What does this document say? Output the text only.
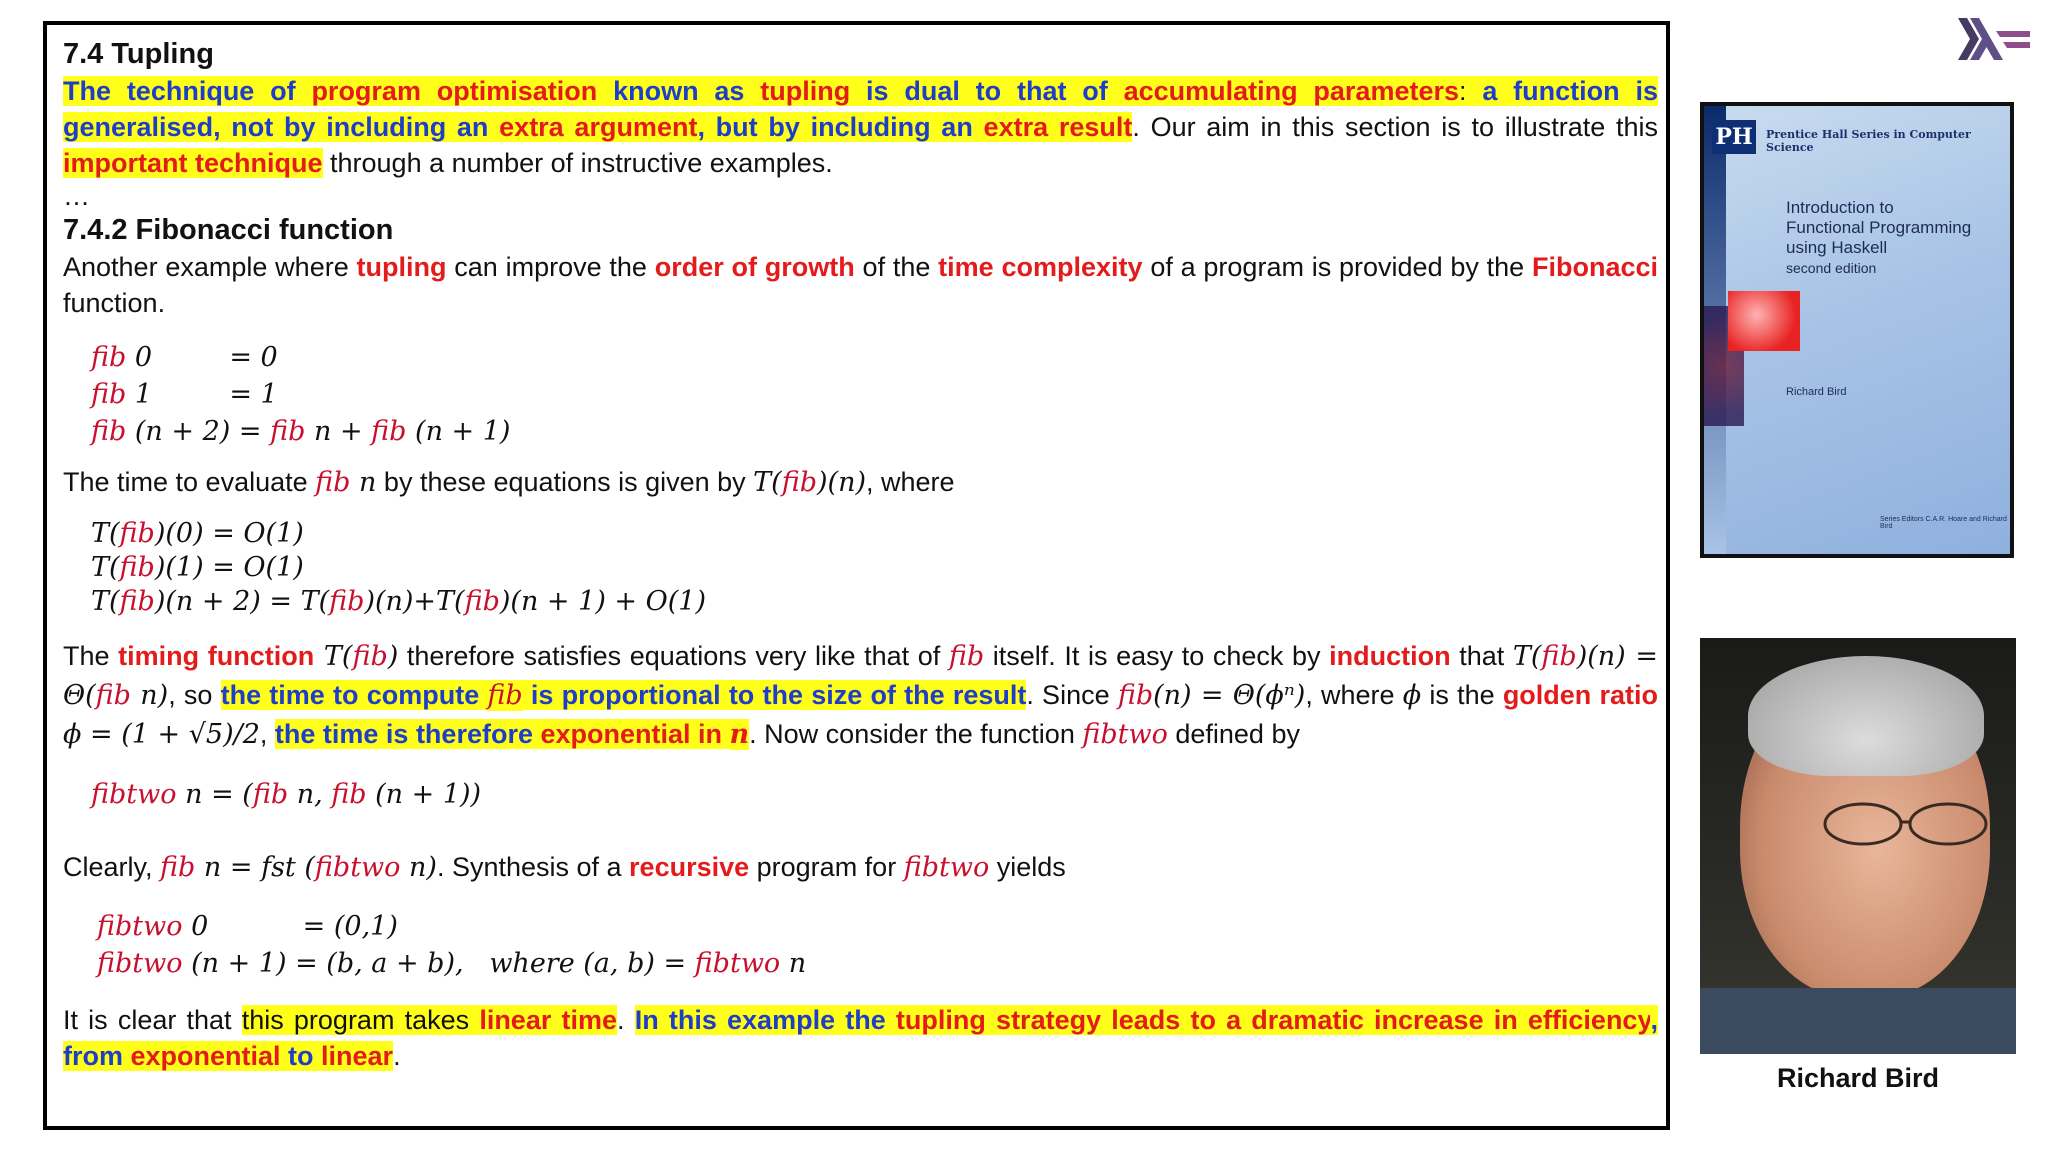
7.4 Tupling

The technique of program optimisation known as tupling is dual to that of accumulating parameters: a function is generalised, not by including an extra argument, but by including an extra result. Our aim in this section is to illustrate this important technique through a number of instructive examples.

…
7.4.2 Fibonacci function

Another example where tupling can improve the order of growth of the time complexity of a program is provided by the Fibonacci function.

fib 0         = 0
fib 1         = 1
fib (n + 2) = fib n + fib (n + 1)

The time to evaluate fib n by these equations is given by T(fib)(n), where

T(fib)(0) = O(1)
T(fib)(1) = O(1)
T(fib)(n + 2) = T(fib)(n)+T(fib)(n + 1) + O(1)

The timing function T(fib) therefore satisfies equations very like that of fib itself. It is easy to check by induction that T(fib)(n) = Θ(fib n), so the time to compute fib is proportional to the size of the result. Since fib(n) = Θ(ϕⁿ), where ϕ is the golden ratio ϕ = (1 + √5)/2, the time is therefore exponential in n. Now consider the function fibtwo defined by

fibtwo n = (fib n, fib (n + 1))

Clearly, fib n = fst (fibtwo n). Synthesis of a recursive program for fibtwo yields

fibtwo 0           = (0,1)
fibtwo (n + 1) = (b, a + b),   where (a, b) = fibtwo n

It is clear that this program takes linear time. In this example the tupling strategy leads to a dramatic increase in efficiency, from exponential to linear.

PH	Prentice Hall Series in Computer Science
Introduction to
Functional Programming
using Haskell
second edition
Richard Bird
Series Editors C.A.R. Hoare and Richard Bird
Richard Bird
